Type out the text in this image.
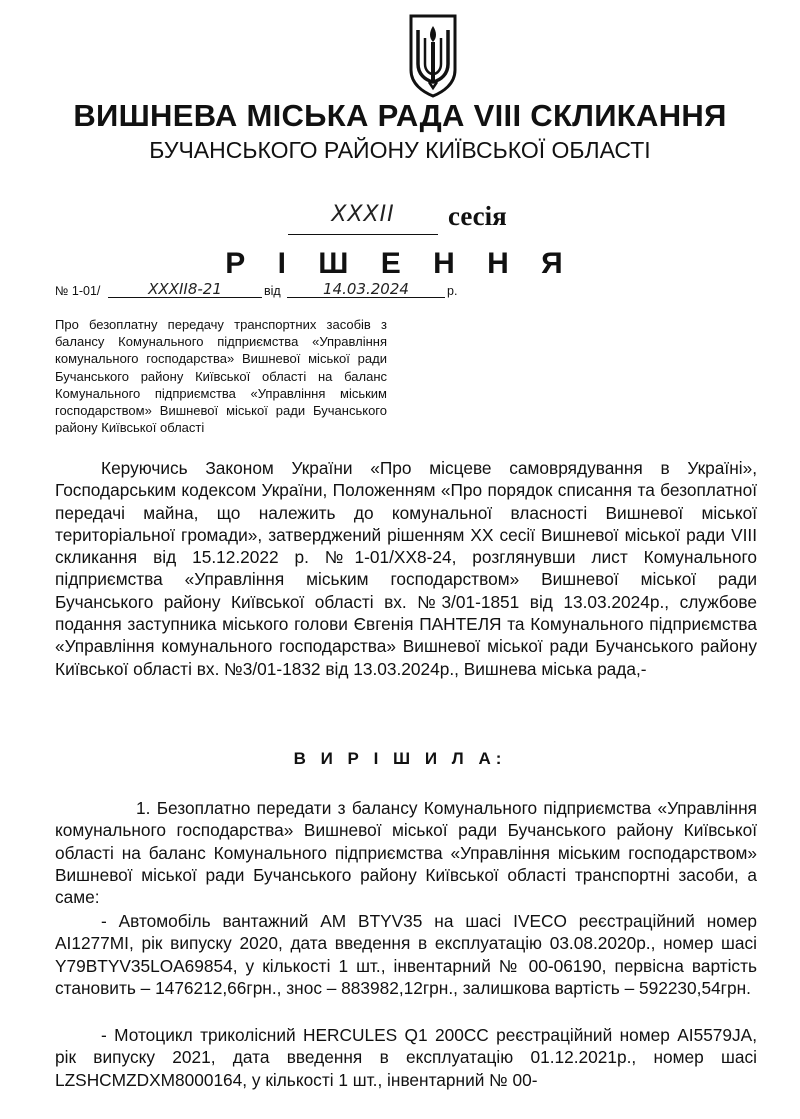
ВИШНЕВА МІСЬКА РАДА VIII СКЛИКАННЯ
БУЧАНСЬКОГО РАЙОНУ КИЇВСЬКОЇ ОБЛАСТІ
XXXII	сесія
Р І Ш Е Н Н Я
№ 1-01/	XXXII8-21	від	14.03.2024	р.
Про безоплатну передачу транспортних засобів з балансу Комунального підприємства «Управління комунального господарства» Вишневої міської ради Бучанського району Київської області на баланс Комунального підприємства «Управління міським господарством» Вишневої міської ради Бучанського району Київської області
Керуючись Законом України «Про місцеве самоврядування в Україні», Господарським кодексом України, Положенням «Про порядок списання та безоплатної передачі майна, що належить до комунальної власності Вишневої міської територіальної громади», затверджений рішенням ХХ сесії Вишневої міської ради VIII скликання від 15.12.2022 р. №1-01/ХХ8-24, розглянувши лист Комунального підприємства «Управління міським господарством» Вишневої міської ради Бучанського району Київської області вх. №3/01-1851 від 13.03.2024р., службове подання заступника міського голови Євгенія ПАНТЕЛЯ та Комунального підприємства «Управління комунального господарства» Вишневої міської ради Бучанського району Київської області вх. №3/01-1832 від 13.03.2024р., Вишнева міська рада,-
В И Р І Ш И Л А:
1. Безоплатно передати з балансу Комунального підприємства «Управління комунального господарства» Вишневої міської ради Бучанського району Київської області на баланс Комунального підприємства «Управління міським господарством» Вишневої міської ради Бучанського району Київської області транспортні засоби, а саме:
- Автомобіль вантажний AM BTYV35 на шасі IVECO реєстраційний номер АІ1277МІ, рік випуску 2020, дата введення в експлуатацію 03.08.2020р., номер шасі Y79BTYV35LOA69854, у кількості 1 шт., інвентарний № 00-06190, первісна вартість становить – 1476212,66грн., знос – 883982,12грн., залишкова вартість – 592230,54грн.
- Мотоцикл триколісний HERCULES Q1 200CC реєстраційний номер АІ5579JA, рік випуску 2021, дата введення в експлуатацію 01.12.2021р., номер шасі LZSHCMZDXM8000164, у кількості 1 шт., інвентарний № 00-
